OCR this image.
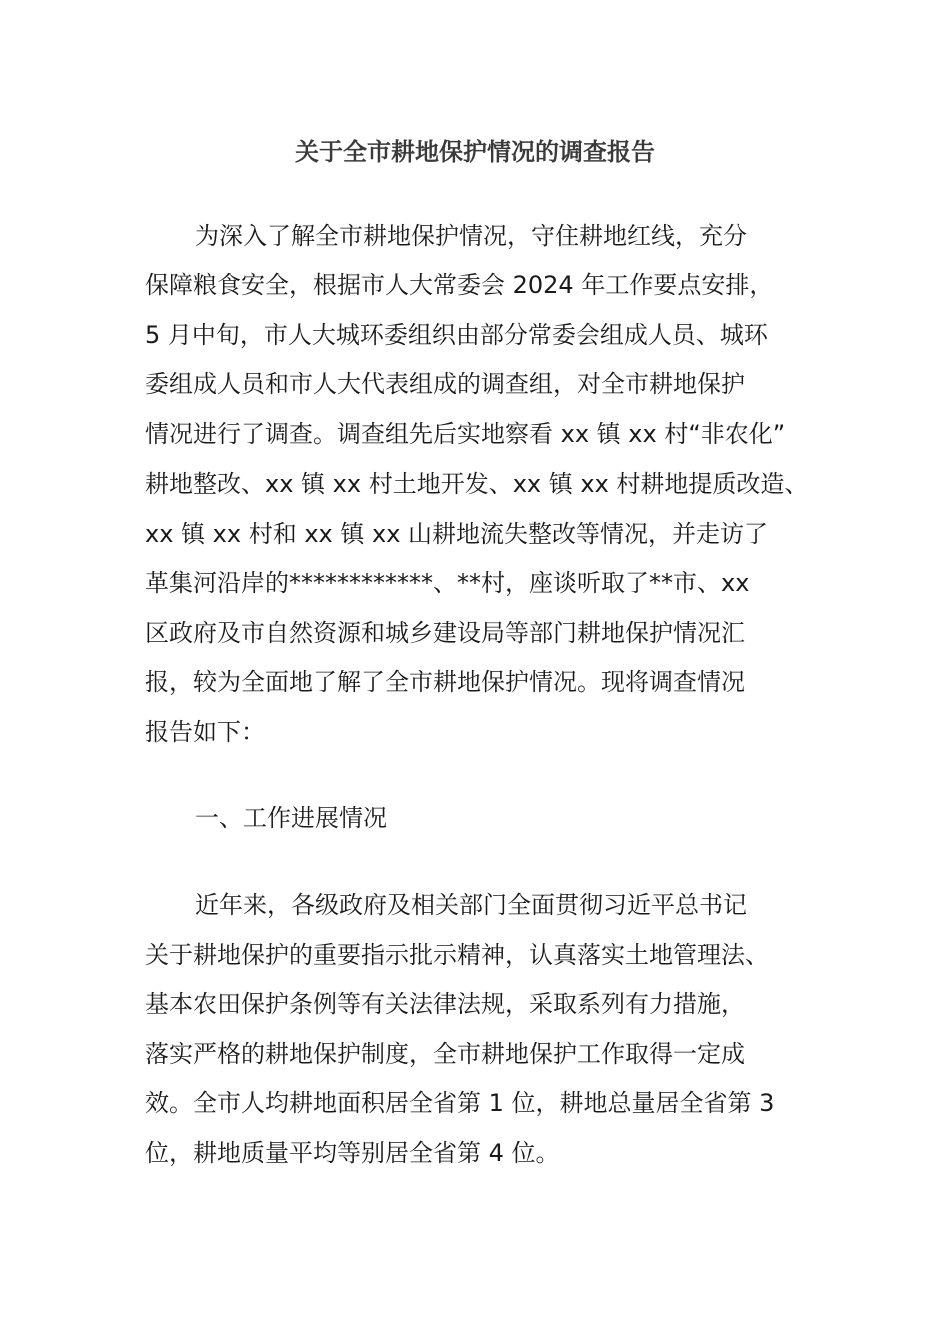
关于全市耕地保护情况的调查报告

为深入了解全市耕地保护情况，守住耕地红线，充分

保障粮食安全，根据市人大常委会 2024 年工作要点安排，

5 月中旬，市人大城环委组织由部分常委会组成人员、城环

委组成人员和市人大代表组成的调查组，对全市耕地保护

情况进行了调查。调查组先后实地察看 xx 镇 xx 村“非农化”

耕地整改、xx 镇 xx 村土地开发、xx 镇 xx 村耕地提质改造、

xx 镇 xx 村和 xx 镇 xx 山耕地流失整改等情况，并走访了

革集河沿岸的************、**村，座谈听取了**市、xx

区政府及市自然资源和城乡建设局等部门耕地保护情况汇

报，较为全面地了解了全市耕地保护情况。现将调查情况

报告如下：

一、工作进展情况

近年来，各级政府及相关部门全面贯彻习近平总书记

关于耕地保护的重要指示批示精神，认真落实土地管理法、

基本农田保护条例等有关法律法规，采取系列有力措施，

落实严格的耕地保护制度，全市耕地保护工作取得一定成

效。全市人均耕地面积居全省第 1 位，耕地总量居全省第 3

位，耕地质量平均等别居全省第 4 位。
